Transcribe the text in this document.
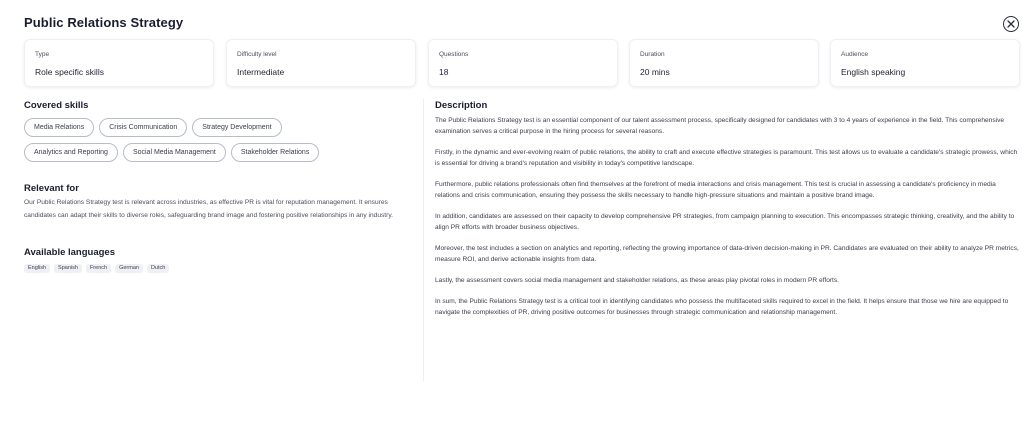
Public Relations Strategy
Type
Role specific skills
Difficulty level
Intermediate
Questions
18
Duration
20 mins
Audience
English speaking
Covered skills
Media Relations	Crisis Communication	Strategy Development
Analytics and Reporting	Social Media Management	Stakeholder Relations
Relevant for

Our Public Relations Strategy test is relevant across industries, as effective PR is vital for reputation management. It ensures candidates can adapt their skills to diverse roles, safeguarding brand image and fostering positive relationships in any industry.

Available languages
English	Spanish	French	German	Dutch
Description

The Public Relations Strategy test is an essential component of our talent assessment process, specifically designed for candidates with 3 to 4 years of experience in the field. This comprehensive examination serves a critical purpose in the hiring process for several reasons.

Firstly, in the dynamic and ever-evolving realm of public relations, the ability to craft and execute effective strategies is paramount. This test allows us to evaluate a candidate's strategic prowess, which is essential for driving a brand's reputation and visibility in today's competitive landscape.

Furthermore, public relations professionals often find themselves at the forefront of media interactions and crisis management. This test is crucial in assessing a candidate's proficiency in media relations and crisis communication, ensuring they possess the skills necessary to handle high-pressure situations and maintain a positive brand image.

In addition, candidates are assessed on their capacity to develop comprehensive PR strategies, from campaign planning to execution. This encompasses strategic thinking, creativity, and the ability to align PR efforts with broader business objectives.

Moreover, the test includes a section on analytics and reporting, reflecting the growing importance of data-driven decision-making in PR. Candidates are evaluated on their ability to analyze PR metrics, measure ROI, and derive actionable insights from data.

Lastly, the assessment covers social media management and stakeholder relations, as these areas play pivotal roles in modern PR efforts.

In sum, the Public Relations Strategy test is a critical tool in identifying candidates who possess the multifaceted skills required to excel in the field. It helps ensure that those we hire are equipped to navigate the complexities of PR, driving positive outcomes for businesses through strategic communication and relationship management.
